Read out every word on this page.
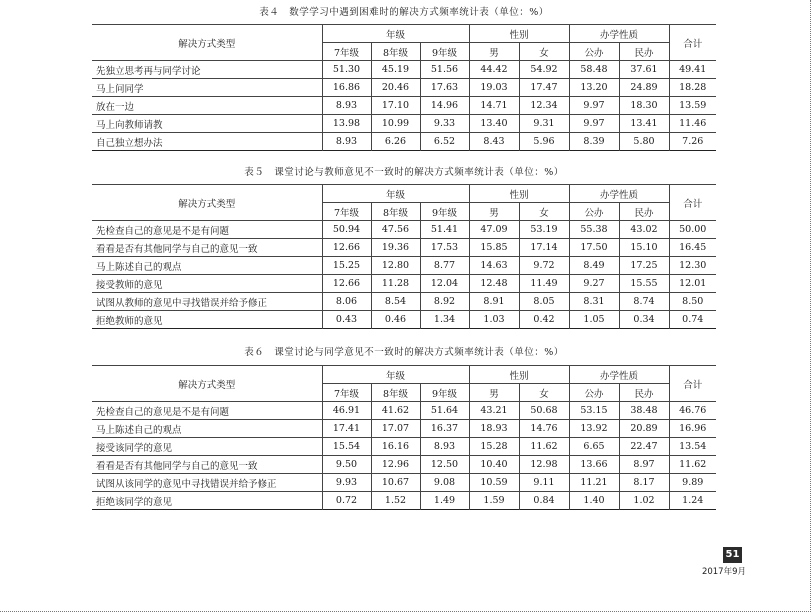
表４　数学学习中遇到困难时的解决方式频率统计表（单位：%）
解决方式类型	年级			性别		办学性质		合计
	7年级	8年级	9年级	男	女	公办	民办	
先独立思考再与同学讨论	51.30	45.19	51.56	44.42	54.92	58.48	37.61	49.41
马上问同学	16.86	20.46	17.63	19.03	17.47	13.20	24.89	18.28
放在一边	8.93	17.10	14.96	14.71	12.34	9.97	18.30	13.59
马上向教师请教	13.98	10.99	9.33	13.40	9.31	9.97	13.41	11.46
自己独立想办法	8.93	6.26	6.52	8.43	5.96	8.39	5.80	7.26
表５　课堂讨论与教师意见不一致时的解决方式频率统计表（单位：%）
解决方式类型	年级			性别		办学性质		合计
	7年级	8年级	9年级	男	女	公办	民办	
先检查自己的意见是不是有问题	50.94	47.56	51.41	47.09	53.19	55.38	43.02	50.00
看看是否有其他同学与自己的意见一致	12.66	19.36	17.53	15.85	17.14	17.50	15.10	16.45
马上陈述自己的观点	15.25	12.80	8.77	14.63	9.72	8.49	17.25	12.30
接受教师的意见	12.66	11.28	12.04	12.48	11.49	9.27	15.55	12.01
试图从教师的意见中寻找错误并给予修正	8.06	8.54	8.92	8.91	8.05	8.31	8.74	8.50
拒绝教师的意见	0.43	0.46	1.34	1.03	0.42	1.05	0.34	0.74
表６　课堂讨论与同学意见不一致时的解决方式频率统计表（单位：%）
解决方式类型	年级			性别		办学性质		合计
	7年级	8年级	9年级	男	女	公办	民办	
先检查自己的意见是不是有问题	46.91	41.62	51.64	43.21	50.68	53.15	38.48	46.76
马上陈述自己的观点	17.41	17.07	16.37	18.93	14.76	13.92	20.89	16.96
接受该同学的意见	15.54	16.16	8.93	15.28	11.62	6.65	22.47	13.54
看看是否有其他同学与自己的意见一致	9.50	12.96	12.50	10.40	12.98	13.66	8.97	11.62
试图从该同学的意见中寻找错误并给予修正	9.93	10.67	9.08	10.59	9.11	11.21	8.17	9.89
拒绝该同学的意见	0.72	1.52	1.49	1.59	0.84	1.40	1.02	1.24
51
2017年9月
